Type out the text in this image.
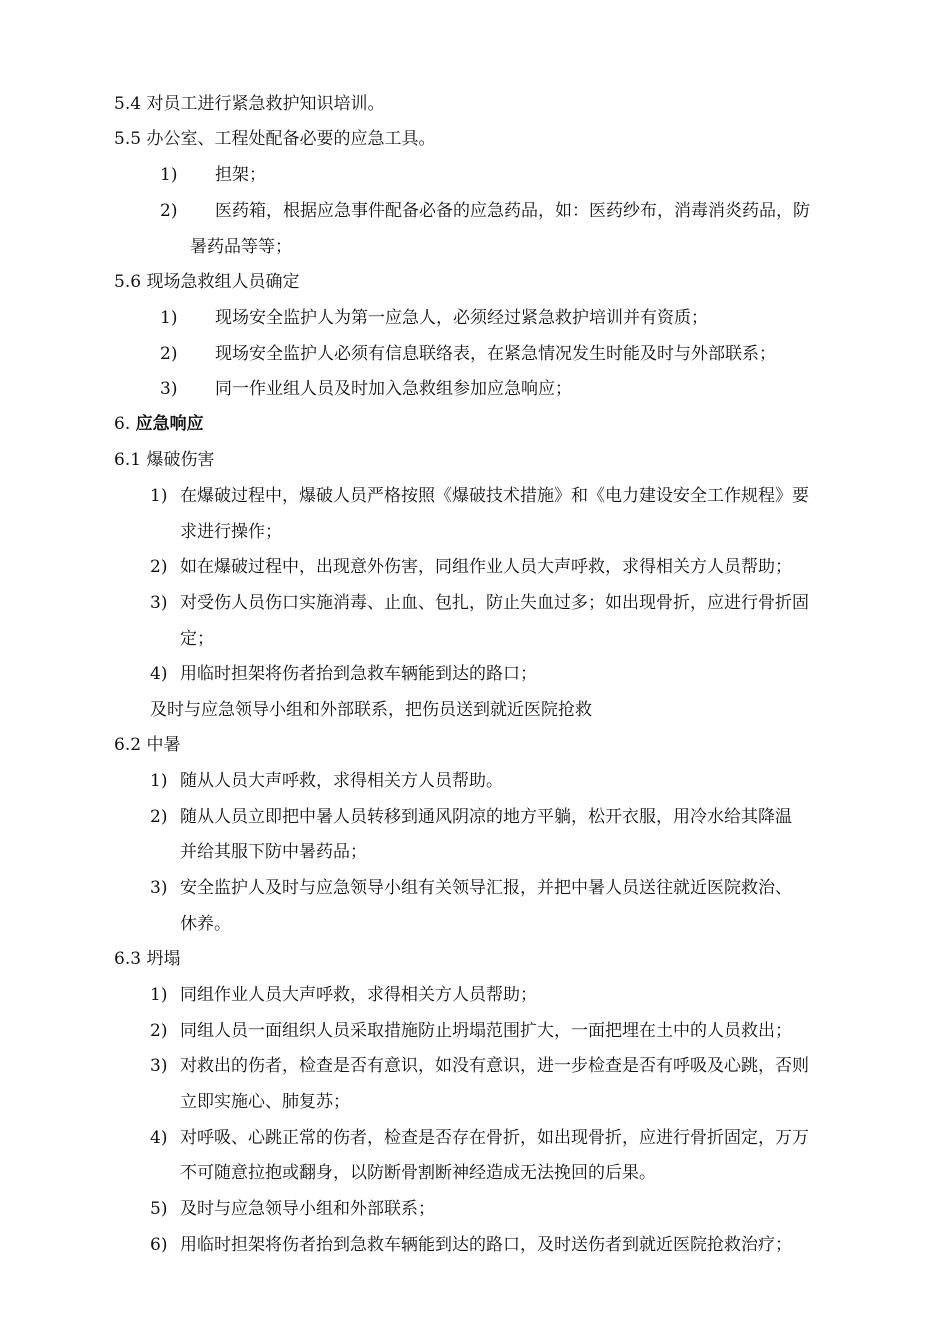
5.4 对员工进行紧急救护知识培训。
5.5 办公室、工程处配备必要的应急工具。
1) 担架；
2) 医药箱，根据应急事件配备必备的应急药品，如：医药纱布，消毒消炎药品，防
暑药品等等；
5.6 现场急救组人员确定
1) 现场安全监护人为第一应急人，必须经过紧急救护培训并有资质；
2) 现场安全监护人必须有信息联络表，在紧急情况发生时能及时与外部联系；
3) 同一作业组人员及时加入急救组参加应急响应；
6. 应急响应
6.1 爆破伤害
1) 在爆破过程中，爆破人员严格按照《爆破技术措施》和《电力建设安全工作规程》要
求进行操作；
2) 如在爆破过程中，出现意外伤害，同组作业人员大声呼救，求得相关方人员帮助；
3) 对受伤人员伤口实施消毒、止血、包扎，防止失血过多；如出现骨折，应进行骨折固
定；
4) 用临时担架将伤者抬到急救车辆能到达的路口；
及时与应急领导小组和外部联系，把伤员送到就近医院抢救
6.2 中暑
1) 随从人员大声呼救，求得相关方人员帮助。
2) 随从人员立即把中暑人员转移到通风阴凉的地方平躺，松开衣服，用冷水给其降温
并给其服下防中暑药品；
3) 安全监护人及时与应急领导小组有关领导汇报，并把中暑人员送往就近医院救治、
休养。
6.3 坍塌
1) 同组作业人员大声呼救，求得相关方人员帮助；
2) 同组人员一面组织人员采取措施防止坍塌范围扩大，一面把埋在土中的人员救出；
3) 对救出的伤者，检查是否有意识，如没有意识，进一步检查是否有呼吸及心跳，否则
立即实施心、肺复苏；
4) 对呼吸、心跳正常的伤者，检查是否存在骨折，如出现骨折，应进行骨折固定，万万
不可随意拉抱或翻身，以防断骨割断神经造成无法挽回的后果。
5) 及时与应急领导小组和外部联系；
6) 用临时担架将伤者抬到急救车辆能到达的路口，及时送伤者到就近医院抢救治疗；
